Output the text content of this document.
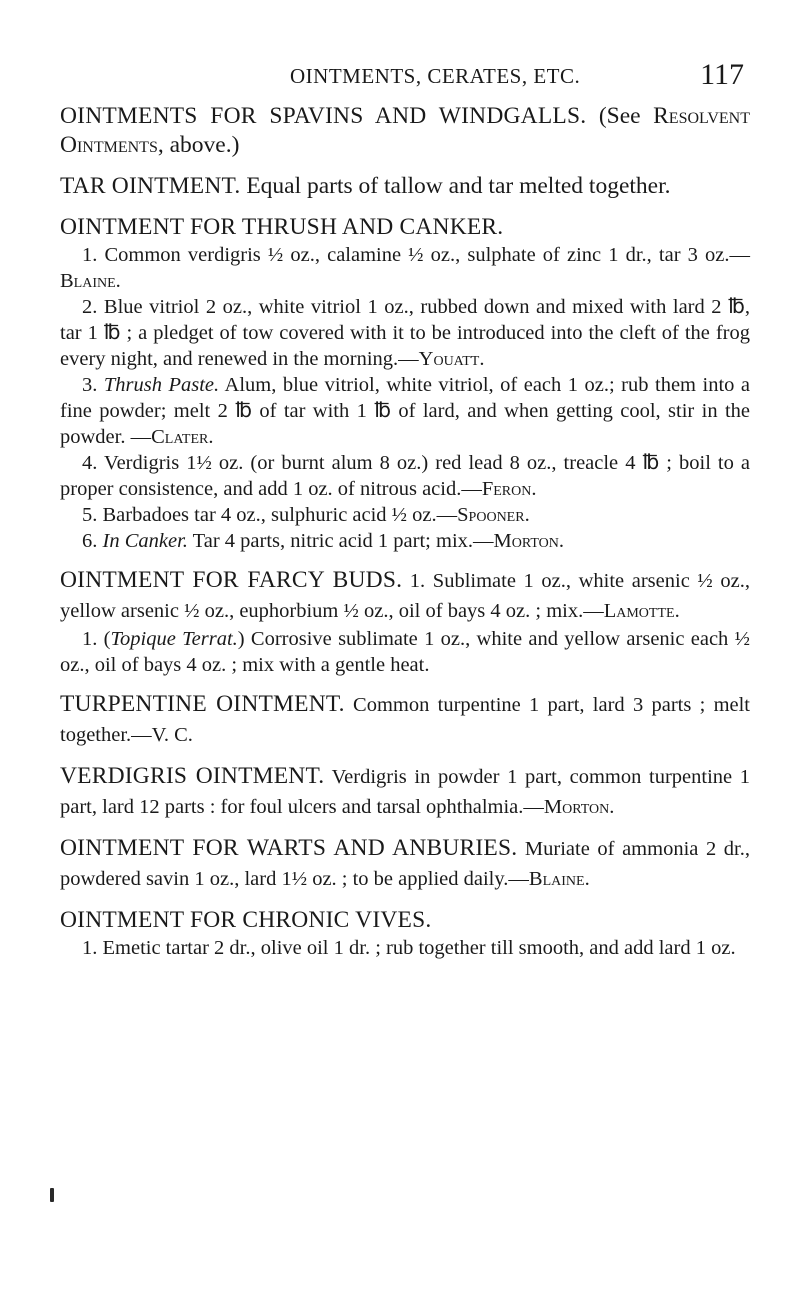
OINTMENTS, CERATES, ETC.	117

OINTMENTS FOR SPAVINS AND WINDGALLS. (See Resolvent Ointments, above.)

TAR OINTMENT. Equal parts of tallow and tar melted together.

OINTMENT FOR THRUSH AND CANKER.

1. Common verdigris ½ oz., calamine ½ oz., sulphate of zinc 1 dr., tar 3 oz.—Blaine.

2. Blue vitriol 2 oz., white vitriol 1 oz., rubbed down and mixed with lard 2 ℔, tar 1 ℔ ; a pledget of tow covered with it to be introduced into the cleft of the frog every night, and renewed in the morning.—Youatt.

3. Thrush Paste. Alum, blue vitriol, white vitriol, of each 1 oz.; rub them into a fine powder; melt 2 ℔ of tar with 1 ℔ of lard, and when getting cool, stir in the powder. —Clater.

4. Verdigris 1½ oz. (or burnt alum 8 oz.) red lead 8 oz., treacle 4 ℔ ; boil to a proper consistence, and add 1 oz. of nitrous acid.—Feron.

5. Barbadoes tar 4 oz., sulphuric acid ½ oz.—Spooner.

6. In Canker. Tar 4 parts, nitric acid 1 part; mix.—Morton.

OINTMENT FOR FARCY BUDS. 1. Sublimate 1 oz., white arsenic ½ oz., yellow arsenic ½ oz., euphorbium ½ oz., oil of bays 4 oz. ; mix.—Lamotte.

1. (Topique Terrat.) Corrosive sublimate 1 oz., white and yellow arsenic each ½ oz., oil of bays 4 oz. ; mix with a gentle heat.

TURPENTINE OINTMENT. Common turpentine 1 part, lard 3 parts ; melt together.—V. C.

VERDIGRIS OINTMENT. Verdigris in powder 1 part, common turpentine 1 part, lard 12 parts : for foul ulcers and tarsal ophthalmia.—Morton.

OINTMENT FOR WARTS AND ANBURIES. Muriate of ammonia 2 dr., powdered savin 1 oz., lard 1½ oz. ; to be applied daily.—Blaine.

OINTMENT FOR CHRONIC VIVES.

1. Emetic tartar 2 dr., olive oil 1 dr. ; rub together till smooth, and add lard 1 oz.
